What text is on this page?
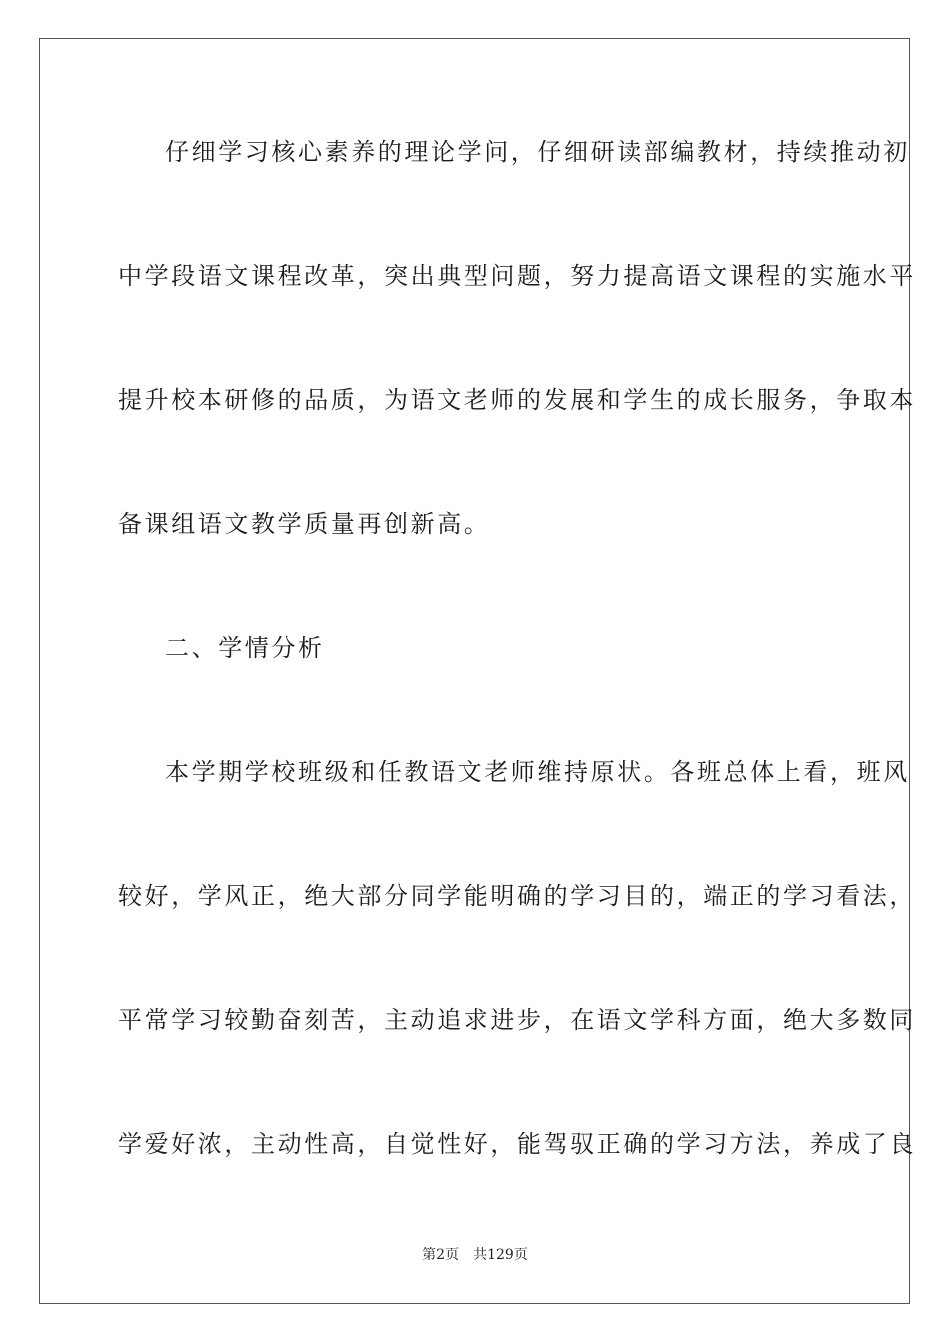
仔细学习核心素养的理论学问，仔细研读部编教材，持续推动初
中学段语文课程改革，突出典型问题，努力提高语文课程的实施水平
提升校本研修的品质，为语文老师的发展和学生的成长服务，争取本
备课组语文教学质量再创新高。
二、学情分析
本学期学校班级和任教语文老师维持原状。各班总体上看，班风
较好，学风正，绝大部分同学能明确的学习目的，端正的学习看法，
平常学习较勤奋刻苦，主动追求进步，在语文学科方面，绝大多数同
学爱好浓，主动性高，自觉性好，能驾驭正确的学习方法，养成了良
第2页 共129页
